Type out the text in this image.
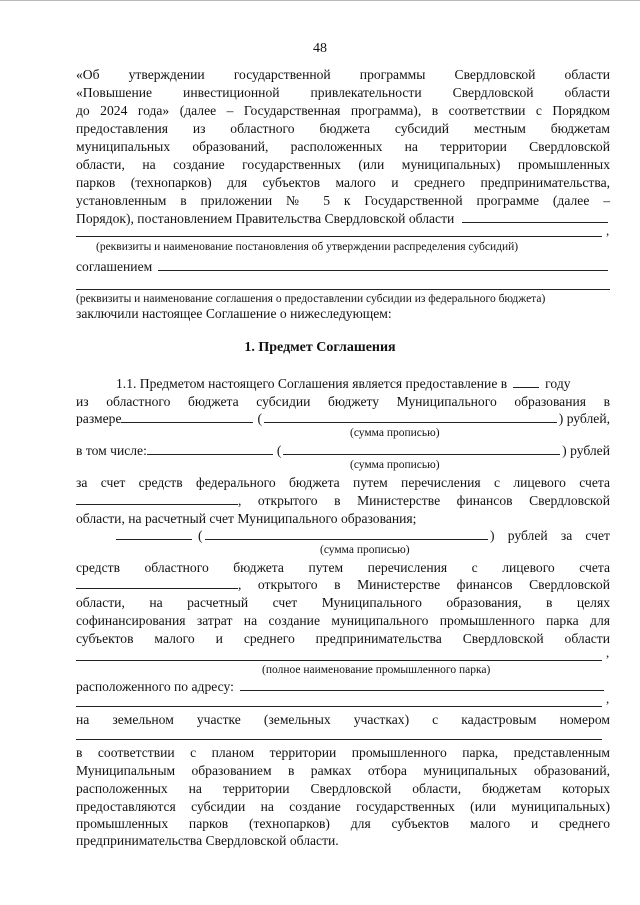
48
«Об утверждении государственной программы Свердловской области
«Повышение инвестиционной привлекательности Свердловской области
до 2024 года» (далее – Государственная программа), в соответствии с Порядком
предоставления из областного бюджета субсидий местным бюджетам
муниципальных образований, расположенных на территории Свердловской
области, на создание государственных (или муниципальных) промышленных
парков (технопарков) для субъектов малого и среднего предпринимательства,
установленным в приложении № 5 к Государственной программе (далее –
Порядок), постановлением Правительства Свердловской области
,
(реквизиты и наименование постановления об утверждении распределения субсидий)
соглашением
(реквизиты и наименование соглашения о предоставлении субсидии из федерального бюджета)
заключили настоящее Соглашение о нижеследующем:
1. Предмет Соглашения
1.1. Предметом настоящего Соглашения является предоставление в	году
из областного бюджета субсидии бюджету Муниципального образования в
размере	(	) рублей,
(сумма прописью)
в том числе:	(	) рублей
(сумма прописью)
за счет средств федерального бюджета путем перечисления с лицевого счета
, открытого в Министерстве финансов Свердловской
области, на расчетный счет Муниципального образования;
(	) рублей за счет
(сумма прописью)
средств областного бюджета путем перечисления с лицевого счета
, открытого в Министерстве финансов Свердловской
области, на расчетный счет Муниципального образования, в целях
софинансирования затрат на создание муниципального промышленного парка для
субъектов малого и среднего предпринимательства Свердловской области
,
(полное наименование промышленного парка)
расположенного по адресу:
,
на земельном участке (земельных участках) с кадастровым номером
в соответствии с планом территории промышленного парка, представленным
Муниципальным образованием в рамках отбора муниципальных образований,
расположенных на территории Свердловской области, бюджетам которых
предоставляются субсидии на создание государственных (или муниципальных)
промышленных парков (технопарков) для субъектов малого и среднего
предпринимательства Свердловской области.
